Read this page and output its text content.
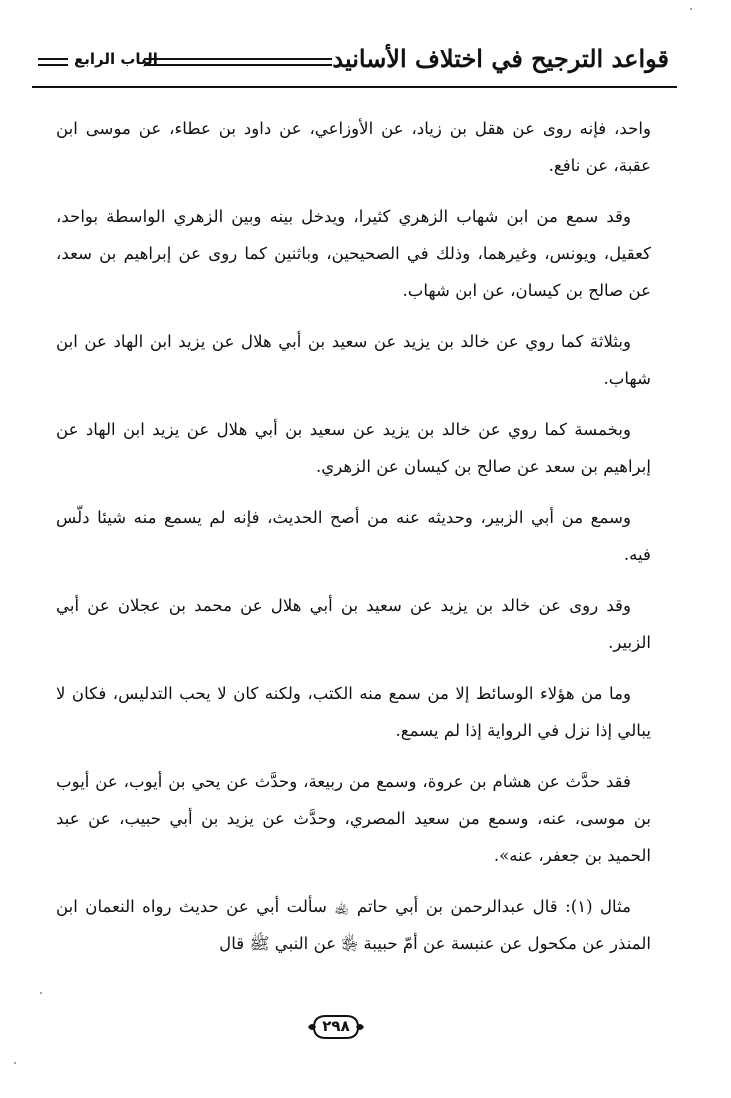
قواعد الترجيح في اختلاف الأسانيد
الباب الرابع

واحد، فإنه روى عن هقل بن زياد، عن الأوزاعي، عن داود بن عطاء، عن موسى ابن عقبة، عن نافع.

وقد سمع من ابن شهاب الزهري كثيرا، ويدخل بينه وبين الزهري الواسطة بواحد، كعقيل، ويونس، وغيرهما، وذلك في الصحيحين، وباثنين كما روى عن إبراهيم بن سعد، عن صالح بن كيسان، عن ابن شهاب.

وبثلاثة كما روي عن خالد بن يزيد عن سعيد بن أبي هلال عن يزيد ابن الهاد عن ابن شهاب.

وبخمسة كما روي عن خالد بن يزيد عن سعيد بن أبي هلال عن يزيد ابن الهاد عن إبراهيم بن سعد عن صالح بن كيسان عن الزهري.

وسمع من أبي الزبير، وحديثه عنه من أصح الحديث، فإنه لم يسمع منه شيئا دلّس فيه.

وقد روى عن خالد بن يزيد عن سعيد بن أبي هلال عن محمد بن عجلان عن أبي الزبير.

وما من هؤلاء الوسائط إلا من سمع منه الكتب، ولكنه كان لا يحب التدليس، فكان لا يبالي إذا نزل في الرواية إذا لم يسمع.

فقد حدَّث عن هشام بن عروة، وسمع من ربيعة، وحدَّث عن يحي بن أيوب، عن أيوب بن موسى، عنه، وسمع من سعيد المصري، وحدَّث عن يزيد بن أبي حبيب، عن عبد الحميد بن جعفر، عنه».

مثال (١): قال عبدالرحمن بن أبي حاتم ﵀ سألت أبي عن حديث رواه النعمان ابن المنذر عن مكحول عن عنبسة عن أمّ حبيبة ﵂ عن النبي ﷺ قال

٢٩٨
